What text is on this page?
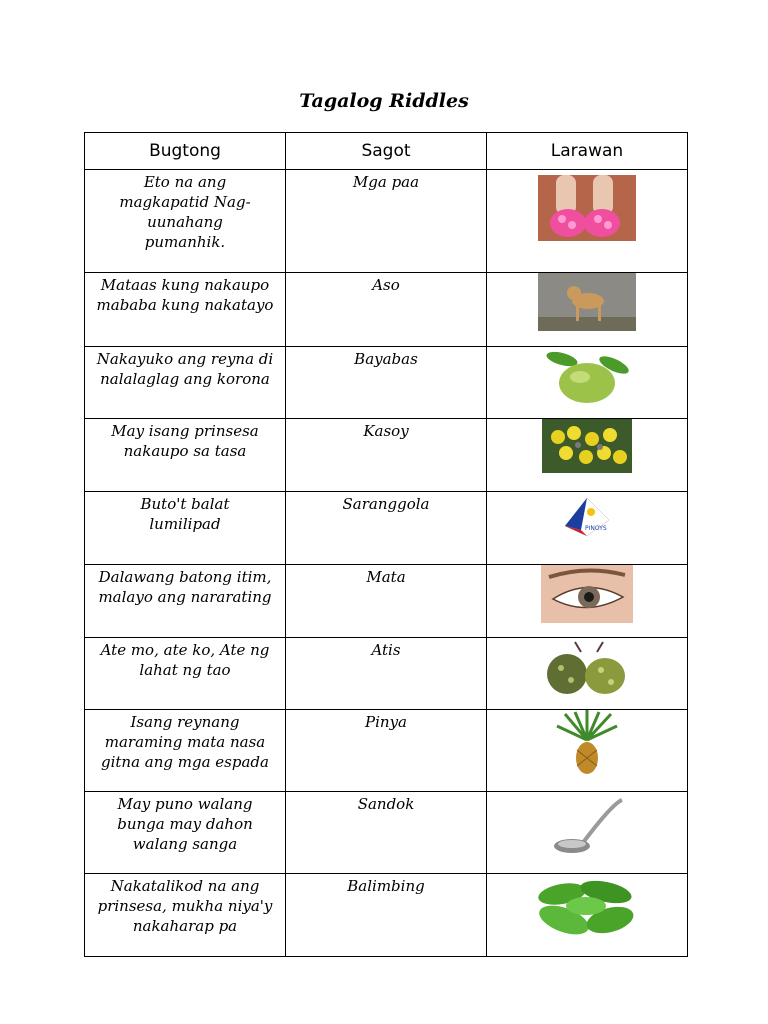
Tagalog Riddles
Bugtong	Sagot	Larawan

Eto na ang magkapatid Nag-uunahang pumanhik.	Mga paa	

Mataas kung nakaupo mababa kung nakatayo	Aso	

Nakayuko ang reyna di nalalaglag ang korona	Bayabas	

May isang prinsesa nakaupo sa tasa	Kasoy	

Buto't balat lumilipad	Saranggola	PINOYS

Dalawang batong itim, malayo ang nararating	Mata	

Ate mo, ate ko, Ate ng lahat ng tao	Atis	

Isang reynang maraming mata nasa gitna ang mga espada	Pinya	

May puno walang bunga may dahon walang sanga	Sandok	

Nakatalikod na ang prinsesa, mukha niya'y nakaharap pa	Balimbing	
